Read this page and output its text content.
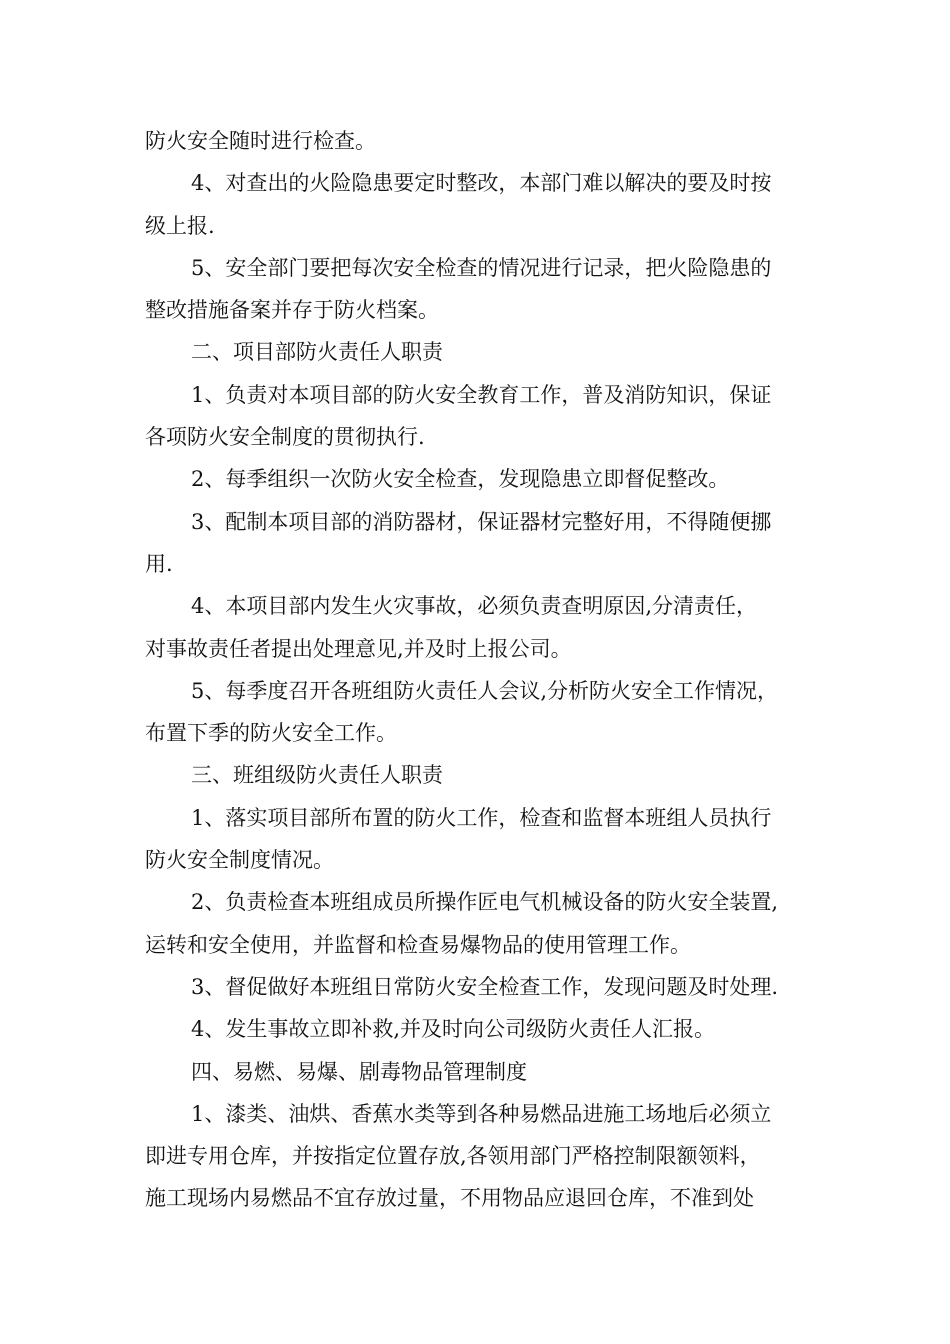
防火安全随时进行检查。
4、对查出的火险隐患要定时整改，本部门难以解决的要及时按
级上报.
5、安全部门要把每次安全检查的情况进行记录，把火险隐患的
整改措施备案并存于防火档案。
二、项目部防火责任人职责
1、负责对本项目部的防火安全教育工作，普及消防知识，保证
各项防火安全制度的贯彻执行.
2、每季组织一次防火安全检查，发现隐患立即督促整改。
3、配制本项目部的消防器材，保证器材完整好用，不得随便挪
用.
4、本项目部内发生火灾事故，必须负责查明原因,分清责任，
对事故责任者提出处理意见,并及时上报公司。
5、每季度召开各班组防火责任人会议,分析防火安全工作情况，
布置下季的防火安全工作。
三、班组级防火责任人职责
1、落实项目部所布置的防火工作，检查和监督本班组人员执行
防火安全制度情况。
2、负责检查本班组成员所操作匠电气机械设备的防火安全装置,
运转和安全使用，并监督和检查易爆物品的使用管理工作。
3、督促做好本班组日常防火安全检查工作，发现问题及时处理.
4、发生事故立即补救,并及时向公司级防火责任人汇报。
四、易燃、易爆、剧毒物品管理制度
1、漆类、油烘、香蕉水类等到各种易燃品进施工场地后必须立
即进专用仓库，并按指定位置存放,各领用部门严格控制限额领料，
施工现场内易燃品不宜存放过量，不用物品应退回仓库，不准到处
